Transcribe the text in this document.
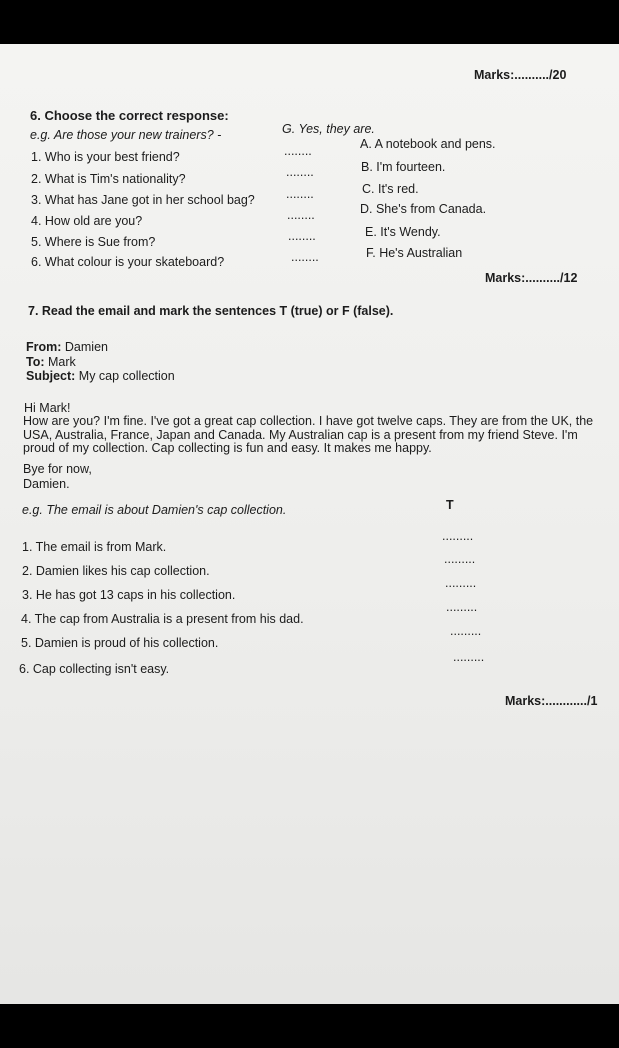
Marks:........../20
6. Choose the correct response:
e.g. Are those your new trainers? -	G. Yes, they are.
1. Who is your best friend?
2. What is Tim's nationality?
3. What has Jane got in her school bag?
4. How old are you?
5. Where is Sue from?
6. What colour is your skateboard?
........
........
........
........
........
........
A. A notebook and pens.
B. I'm fourteen.
C. It's red.
D. She's from Canada.
E. It's Wendy.
F. He's Australian
Marks:........../12
7. Read the email and mark the sentences T (true) or F (false).
From: Damien
To: Mark
Subject: My cap collection
Hi Mark!
How are you? I'm fine. I've got a great cap collection. I have got twelve caps. They are from the UK, the USA, Australia, France, Japan and Canada. My Australian cap is a present from my friend Steve. I'm proud of my collection. Cap collecting is fun and easy. It makes me happy.
Bye for now,
Damien.
e.g. The email is about Damien's cap collection.	T
1. The email is from Mark.
2. Damien likes his cap collection.
3. He has got 13 caps in his collection.
4. The cap from Australia is a present from his dad.
5. Damien is proud of his collection.
6. Cap collecting isn't easy.
.........
.........
.........
.........
.........
.........
Marks:............/1
